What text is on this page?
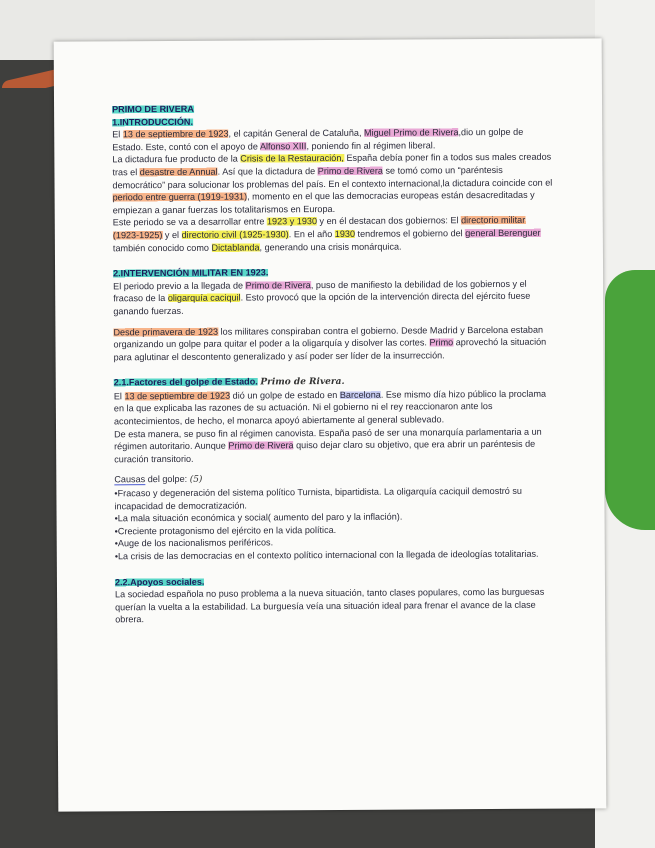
PRIMO DE RIVERA

1.INTRODUCCIÓN.

El 13 de septiembre de 1923, el capitán General de Cataluña, Miguel Primo de Rivera,dio un golpe de Estado. Este, contó con el apoyo de Alfonso XIII, poniendo fin al régimen liberal.

La dictadura fue producto de la Crisis de la Restauración, España debía poner fin a todos sus males creados tras el desastre de Annual. Así que la dictadura de Primo de Rivera se tomó como un “paréntesis democrático” para solucionar los problemas del país. En el contexto internacional,la dictadura coincide con el periodo entre guerra (1919-1931), momento en el que las democracias europeas están desacreditadas y empiezan a ganar fuerzas los totalitarismos en Europa.

Este periodo se va a desarrollar entre 1923 y 1930 y en él destacan dos gobiernos: El directorio militar (1923-1925) y el directorio civil (1925-1930). En el año 1930 tendremos el gobierno del general Berenguer también conocido como Dictablanda, generando una crisis monárquica.

2.INTERVENCIÓN MILITAR EN 1923.

El periodo previo a la llegada de Primo de Rivera, puso de manifiesto la debilidad de los gobiernos y el fracaso de la oligarquía caciquil. Esto provocó que la opción de la intervención directa del ejército fuese ganando fuerzas.

Desde primavera de 1923 los militares conspiraban contra el gobierno. Desde Madrid y Barcelona estaban organizando un golpe para quitar el poder a la oligarquía y disolver las cortes. Primo aprovechó la situación para aglutinar el descontento generalizado y así poder ser líder de la insurrección.

2.1.Factores del golpe de Estado. Primo de Rivera.

El 13 de septiembre de 1923 dió un golpe de estado en Barcelona. Ese mismo día hizo público la proclama en la que explicaba las razones de su actuación. Ni el gobierno ni el rey reaccionaron ante los acontecimientos, de hecho, el monarca apoyó abiertamente al general sublevado.

De esta manera, se puso fin al régimen canovista. España pasó de ser una monarquía parlamentaria a un régimen autoritario. Aunque Primo de Rivera quiso dejar claro su objetivo, que era abrir un paréntesis de curación transitorio.

Causas del golpe: (5)

•Fracaso y degeneración del sistema político Turnista, bipartidista. La oligarquía caciquil demostró su incapacidad de democratización.

•La mala situación económica y social( aumento del paro y la inflación).

•Creciente protagonismo del ejército en la vida política.

•Auge de los nacionalismos periféricos.

•La crisis de las democracias en el contexto político internacional con la llegada de ideologías totalitarias.

2.2.Apoyos sociales.

La sociedad española no puso problema a la nueva situación, tanto clases populares, como las burguesas querían la vuelta a la estabilidad. La burguesía veía una situación ideal para frenar el avance de la clase obrera.
